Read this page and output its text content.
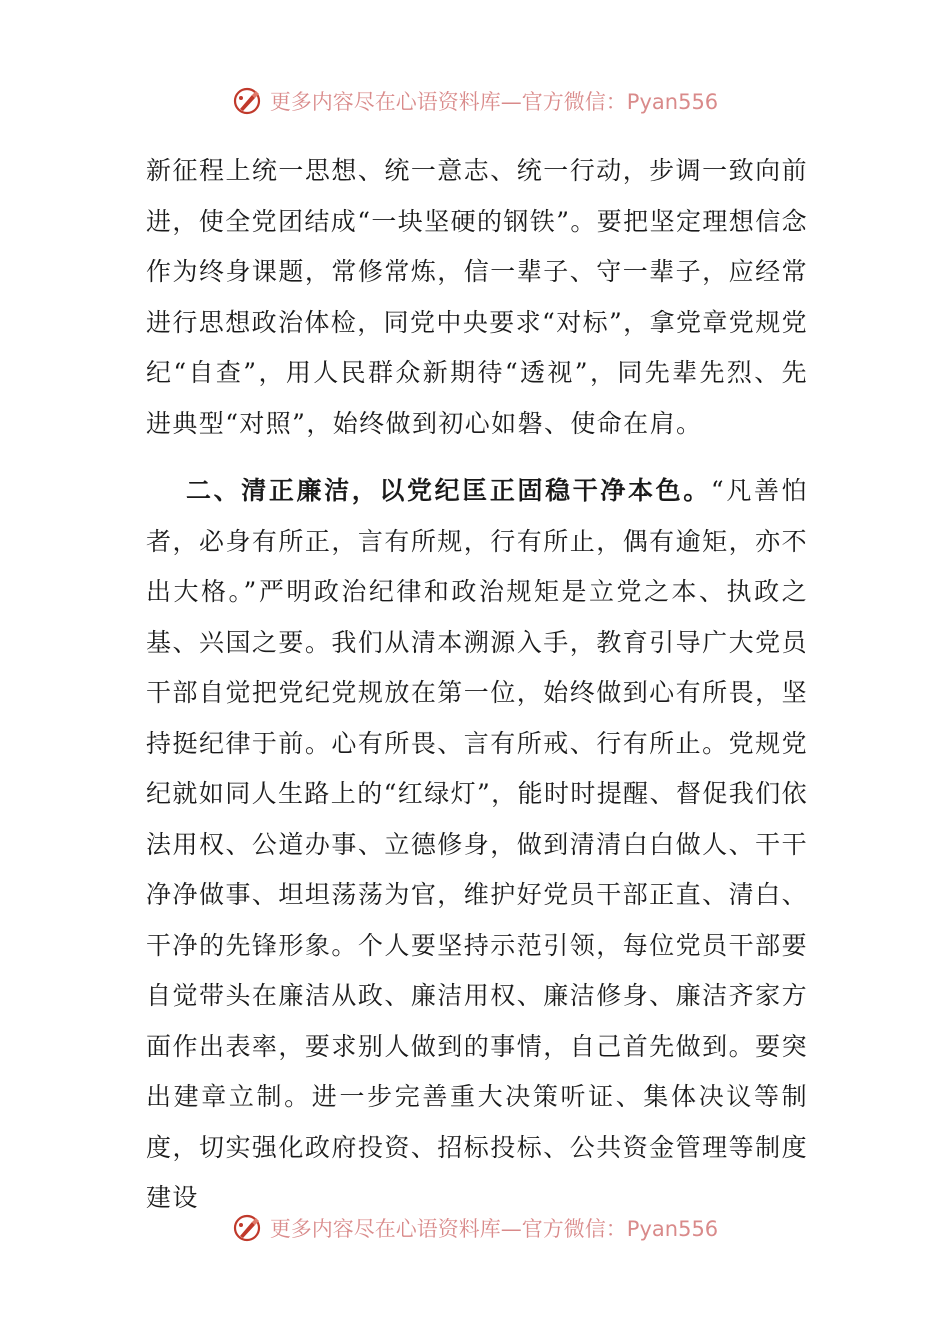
更多内容尽在心语资料库—官方微信：Pyan556

新征程上统一思想、统一意志、统一行动，步调一致向前进，使全党团结成“一块坚硬的钢铁”。要把坚定理想信念作为终身课题，常修常炼，信一辈子、守一辈子，应经常进行思想政治体检，同党中央要求“对标”，拿党章党规党纪“自查”，用人民群众新期待“透视”，同先辈先烈、先进典型“对照”，始终做到初心如磐、使命在肩。

二、清正廉洁，以党纪匡正固稳干净本色。“凡善怕者，必身有所正，言有所规，行有所止，偶有逾矩，亦不出大格。”严明政治纪律和政治规矩是立党之本、执政之基、兴国之要。我们从清本溯源入手，教育引导广大党员干部自觉把党纪党规放在第一位，始终做到心有所畏，坚持挺纪律于前。心有所畏、言有所戒、行有所止。党规党纪就如同人生路上的“红绿灯”，能时时提醒、督促我们依法用权、公道办事、立德修身，做到清清白白做人、干干净净做事、坦坦荡荡为官，维护好党员干部正直、清白、干净的先锋形象。个人要坚持示范引领，每位党员干部要自觉带头在廉洁从政、廉洁用权、廉洁修身、廉洁齐家方面作出表率，要求别人做到的事情，自己首先做到。要突出建章立制。进一步完善重大决策听证、集体决议等制度，切实强化政府投资、招标投标、公共资金管理等制度建设

更多内容尽在心语资料库—官方微信：Pyan556
